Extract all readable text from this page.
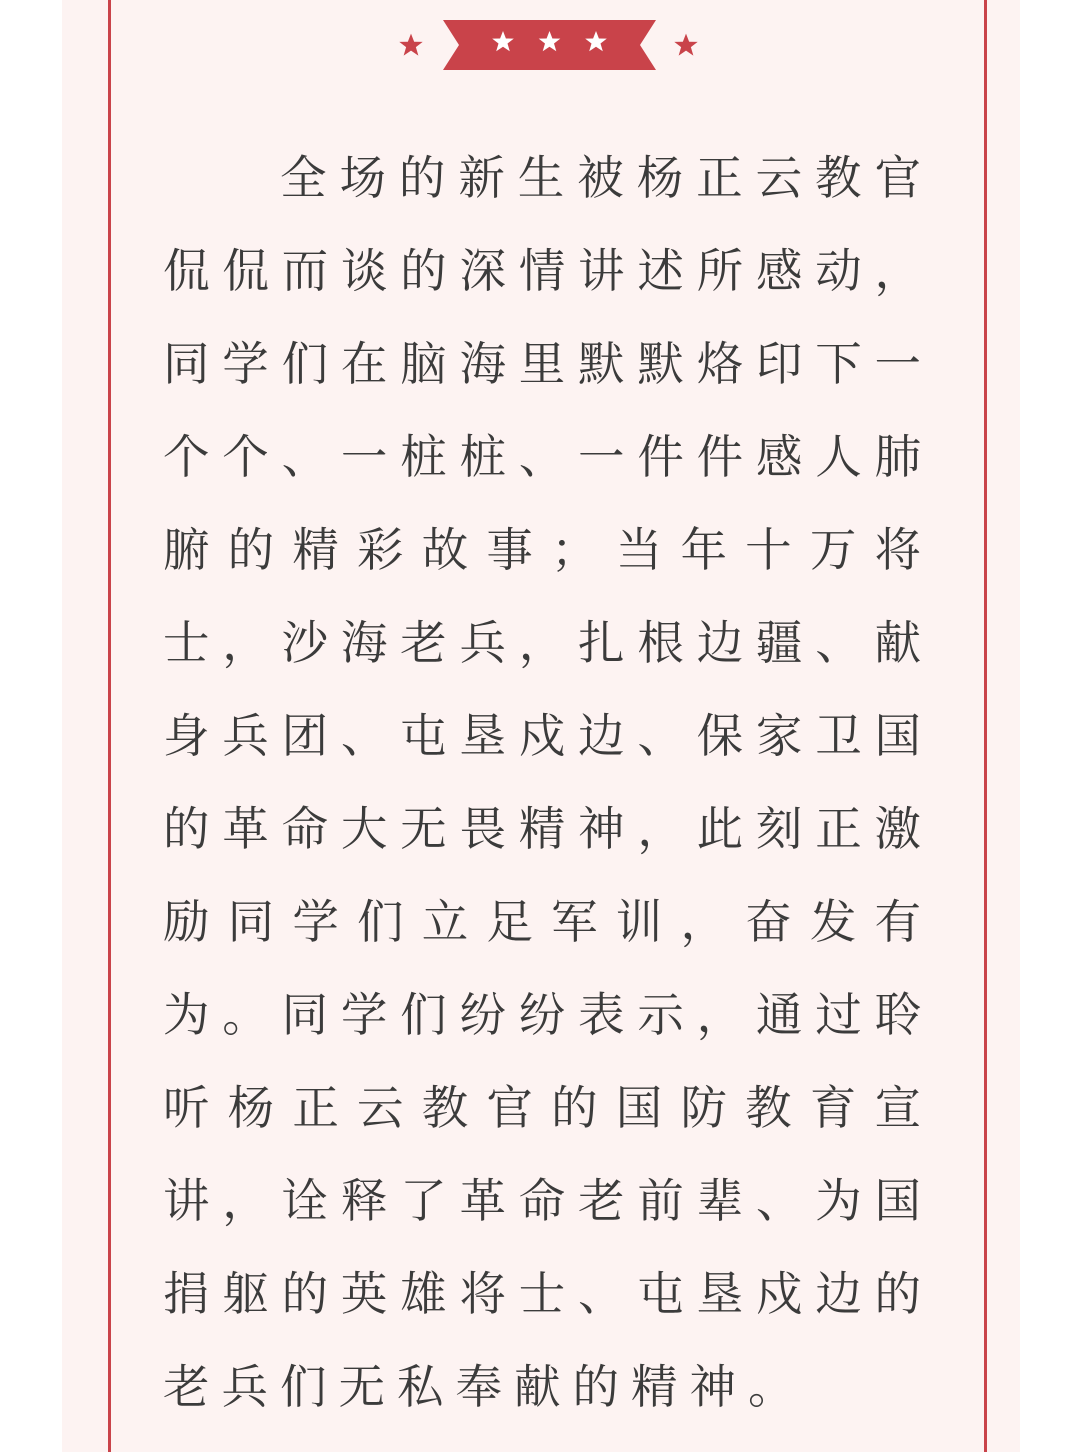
全场的新生被杨正云教官
侃侃而谈的深情讲述所感动，
同学们在脑海里默默烙印下一
个个、一桩桩、一件件感人肺
腑的精彩故事；当年十万将
士，沙海老兵，扎根边疆、献
身兵团、屯垦戍边、保家卫国
的革命大无畏精神，此刻正激
励同学们立足军训，奋发有
为。同学们纷纷表示，通过聆
听杨正云教官的国防教育宣
讲，诠释了革命老前辈、为国
捐躯的英雄将士、屯垦戍边的
老兵们无私奉献的精神。
